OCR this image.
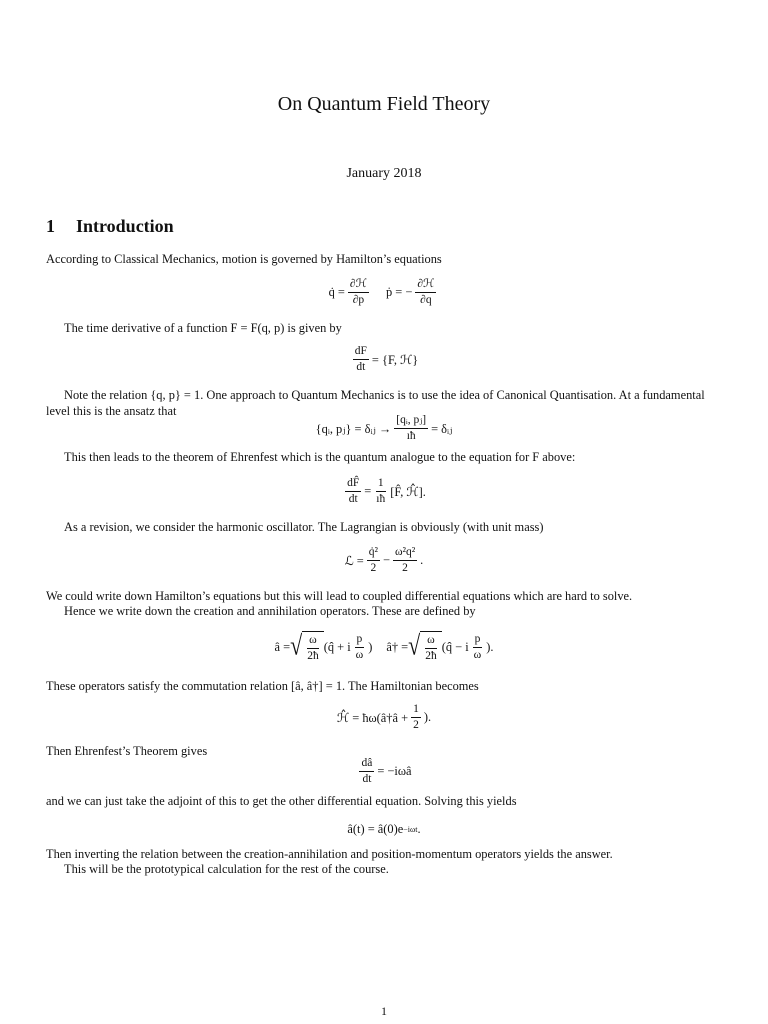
On Quantum Field Theory
January 2018
1 Introduction
According to Classical Mechanics, motion is governed by Hamilton’s equations
q̇ = $\frac{\text{∂ℋ}}{\partial p}$ ṗ = − $\frac{\text{∂ℋ}}{\partial q}$
The time derivative of a function F = F(q, p) is given by
$\frac{dF}{dt} = \{F$, ℋ}
Note the relation {q, p} = 1. One approach to Quantum Mechanics is to use the idea of Canonical Quantisation. At a fundamental level this is the ansatz that
{qᵢ, pⱼ} = δᵢⱼ → $\frac{\text{[qᵢ, pⱼ]}}{ıħ}$ = δᵢⱼ
This then leads to the theorem of Ehrenfest which is the quantum analogue to the equation for F above:
$\frac{dF̂}{dt} = \frac{1}{ıħ}$ [F̂, ℋ̂].
As a revision, we consider the harmonic oscillator. The Lagrangian is obviously (with unit mass)
ℒ = $\frac{\text{q̇²}}{2} - \frac{\text{ω²q²}}{2}$ .
We could write down Hamilton’s equations but this will lead to coupled differential equations which are hard to solve.
Hence we write down the creation and annihilation operators. These are defined by
â = √ $\frac{\omega}{2ħ}$ (q̂ + i $\frac{p}{\omega}$ ) â† = √ $\frac{\omega}{2ħ}$ (q̂ − i $\frac{p}{\omega}$ ).
These operators satisfy the commutation relation [â, â†] = 1. The Hamiltonian becomes
ℋ̂ = ħω(â†â + $\frac{1}{2}$ ).
Then Ehrenfest’s Theorem gives
$\frac{dâ}{dt}$ = −iωâ
and we can just take the adjoint of this to get the other differential equation. Solving this yields
â(t) = â(0)e −iωt .
Then inverting the relation between the creation-annihilation and position-momentum operators yields the answer.
This will be the prototypical calculation for the rest of the course.
1
